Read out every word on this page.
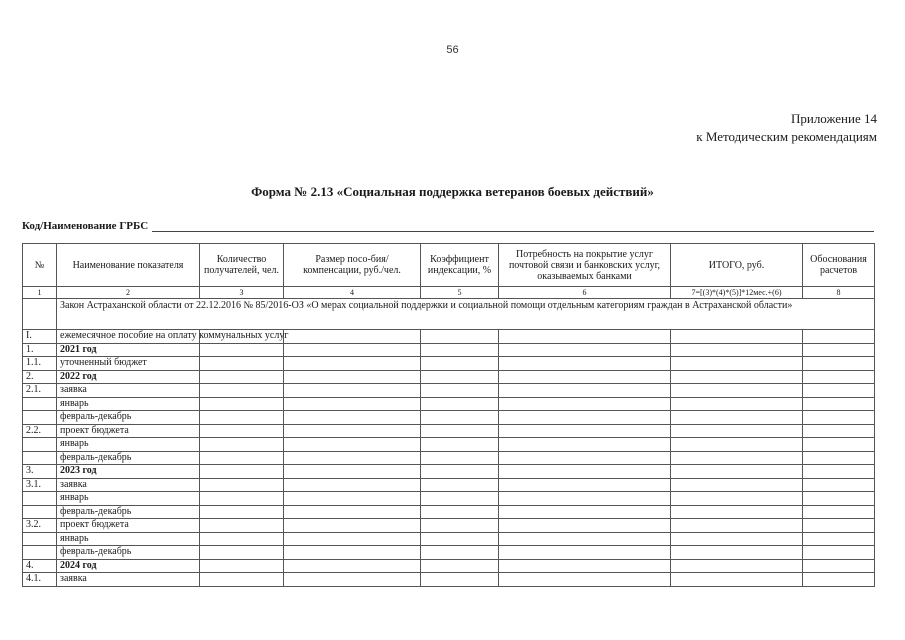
56
Приложение 14
к Методическим рекомендациям
Форма № 2.13 «Социальная поддержка ветеранов боевых действий»
Код/Наименование ГРБС
№	Наименование показателя	Количество получателей, чел.	Размер посо-бия/компенсации, руб./чел.	Коэффициент индексации, %	Потребность на покрытие услуг почтовой связи и банковских услуг, оказываемых банками	ИТОГО, руб.	Обоснования расчетов
1	2	3	4	5	6	7=[(3)*(4)*(5)]*12мес.+(6)	8
	Закон Астраханской области от 22.12.2016 № 85/2016-ОЗ «О мерах социальной поддержки и социальной помощи отдельным категориям граждан в Астраханской области»						
I.	ежемесячное пособие на оплату коммунальных услуг						
1.	2021 год						
1.1.	уточненный бюджет						
2.	2022 год						
2.1.	заявка						
	январь						
	февраль-декабрь						
2.2.	проект бюджета						
	январь						
	февраль-декабрь						
3.	2023 год						
3.1.	заявка						
	январь						
	февраль-декабрь						
3.2.	проект бюджета						
	январь						
	февраль-декабрь						
4.	2024 год						
4.1.	заявка						
